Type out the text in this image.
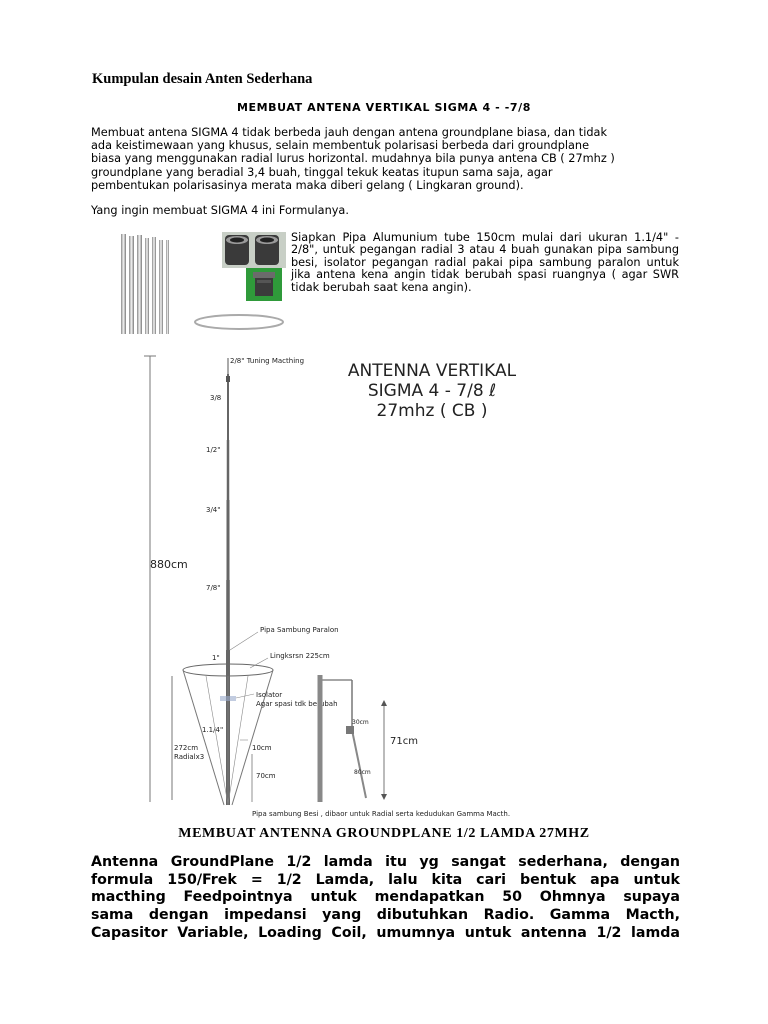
Kumpulan desain Anten Sederhana
MEMBUAT ANTENA VERTIKAL SIGMA 4 - -7/8
Membuat antena SIGMA 4 tidak berbeda jauh dengan antena groundplane biasa, dan tidak
ada keistimewaan yang khusus, selain membentuk polarisasi berbeda dari groundplane
biasa yang menggunakan radial lurus horizontal. mudahnya bila punya antena CB ( 27mhz )
groundplane yang beradial 3,4 buah, tinggal tekuk keatas itupun sama saja, agar
pembentukan polarisasinya merata maka diberi gelang ( Lingkaran ground).
Yang ingin membuat SIGMA 4 ini Formulanya.
Siapkan Pipa Alumunium tube 150cm mulai dari ukuran 1.1/4" - 2/8", untuk pegangan radial 3 atau 4 buah gunakan pipa sambung besi, isolator pegangan radial pakai pipa sambung paralon untuk jika antena kena angin tidak berubah spasi ruangnya ( agar SWR tidak berubah saat kena angin).
ANTENNA VERTIKAL
SIGMA 4 - 7/8 ℓ
27mhz ( CB )
880cm
2/8" Tuning Macthing
3/8
1/2"
3/4"
7/8"
1"
1.1/4"
272cm
Radialx3
Pipa Sambung Paralon
Lingksrsn 225cm
Isolator
Agar spasi tdk berubah
10cm
70cm
Pipa sambung Besi , dibaor untuk Radial serta kedudukan Gamma Macth.
71cm
30cm
80cm
MEMBUAT ANTENNA GROUNDPLANE 1/2 LAMDA 27MHZ
Antenna GroundPlane 1/2 lamda itu yg sangat sederhana, dengan
formula 150/Frek = 1/2 Lamda, lalu kita cari bentuk apa untuk
macthing Feedpointnya untuk mendapatkan 50 Ohmnya supaya
sama dengan impedansi yang dibutuhkan Radio. Gamma Macth,
Capasitor Variable, Loading Coil, umumnya untuk antenna 1/2 lamda
